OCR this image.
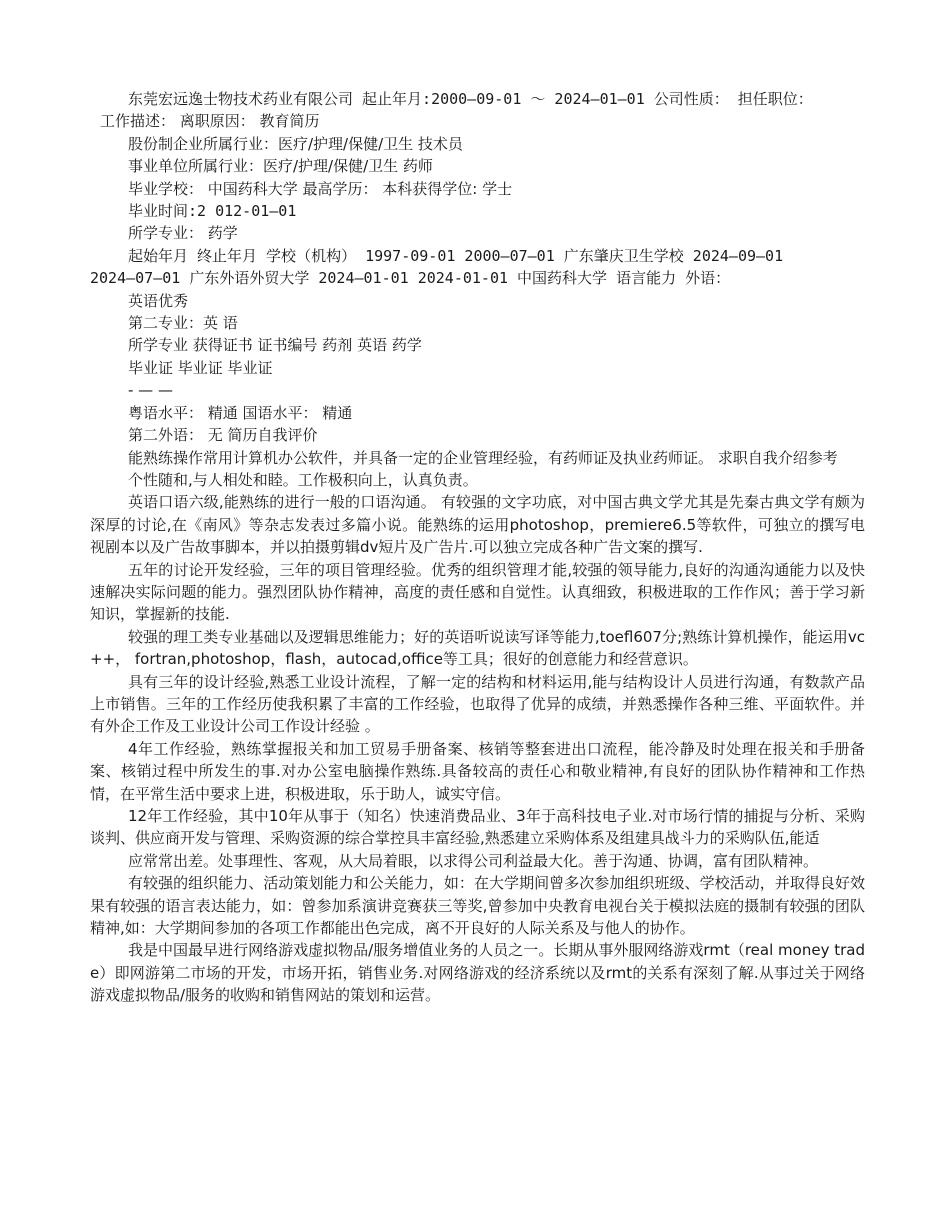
东莞宏远逸士物技术药业有限公司 起止年月:2000—09-01 ～ 2024—01—01 公司性质： 担任职位：
工作描述： 离职原因： 教育简历
股份制企业所属行业：医疗/护理/保健/卫生 技术员
事业单位所属行业：医疗/护理/保健/卫生 药师
毕业学校： 中国药科大学 最高学历： 本科获得学位: 学士
毕业时间:2 012-01—01
所学专业： 药学
起始年月 终止年月 学校（机构） 1997-09-01 2000—07—01 广东肇庆卫生学校 2024—09—01
2024—07—01 广东外语外贸大学 2024—01-01 2024-01-01 中国药科大学 语言能力 外语：
英语优秀
第二专业：英 语
所学专业 获得证书 证书编号 药剂 英语 药学
毕业证 毕业证 毕业证
- — —
粤语水平： 精通 国语水平： 精通
第二外语： 无 简历自我评价
能熟练操作常用计算机办公软件，并具备一定的企业管理经验，有药师证及执业药师证。 求职自我介绍参考
个性随和,与人相处和睦。工作极积向上，认真负责。
英语口语六级,能熟练的进行一般的口语沟通。 有较强的文字功底，对中国古典文学尤其是先秦古典文学有颇为深厚的讨论,在《南风》等杂志发表过多篇小说。能熟练的运用photoshop，premiere6.5等软件，可独立的撰写电视剧本以及广告故事脚本，并以拍摄剪辑dv短片及广告片.可以独立完成各种广告文案的撰写.
五年的讨论开发经验，三年的项目管理经验。优秀的组织管理才能,较强的领导能力,良好的沟通沟通能力以及快速解决实际问题的能力。强烈团队协作精神，高度的责任感和自觉性。认真细致，积极进取的工作作风；善于学习新知识，掌握新的技能.
较强的理工类专业基础以及逻辑思维能力；好的英语听说读写译等能力,toefl607分;熟练计算机操作，能运用vc++， fortran,photoshop，flash，autocad,office等工具；很好的创意能力和经营意识。
具有三年的设计经验,熟悉工业设计流程，了解一定的结构和材料运用,能与结构设计人员进行沟通，有数款产品上市销售。三年的工作经历使我积累了丰富的工作经验，也取得了优异的成绩，并熟悉操作各种三维、平面软件。并有外企工作及工业设计公司工作设计经验 。
4年工作经验，熟练掌握报关和加工贸易手册备案、核销等整套进出口流程，能冷静及时处理在报关和手册备案、核销过程中所发生的事.对办公室电脑操作熟练.具备较高的责任心和敬业精神,有良好的团队协作精神和工作热情，在平常生活中要求上进，积极进取，乐于助人，诚实守信。
12年工作经验，其中10年从事于（知名）快速消费品业、3年于高科技电子业.对市场行情的捕捉与分析、采购谈判、供应商开发与管理、采购资源的综合掌控具丰富经验,熟悉建立采购体系及组建具战斗力的采购队伍,能适
应常常出差。处事理性、客观，从大局着眼，以求得公司利益最大化。善于沟通、协调，富有团队精神。
有较强的组织能力、活动策划能力和公关能力，如：在大学期间曾多次参加组织班级、学校活动，并取得良好效果有较强的语言表达能力，如：曾参加系演讲竞赛获三等奖,曾参加中央教育电视台关于模拟法庭的摄制有较强的团队精神,如：大学期间参加的各项工作都能出色完成，离不开良好的人际关系及与他人的协作。
我是中国最早进行网络游戏虚拟物品/服务增值业务的人员之一。长期从事外服网络游戏rmt（real money trade）即网游第二市场的开发，市场开拓，销售业务.对网络游戏的经济系统以及rmt的关系有深刻了解.从事过关于网络游戏虚拟物品/服务的收购和销售网站的策划和运营。
